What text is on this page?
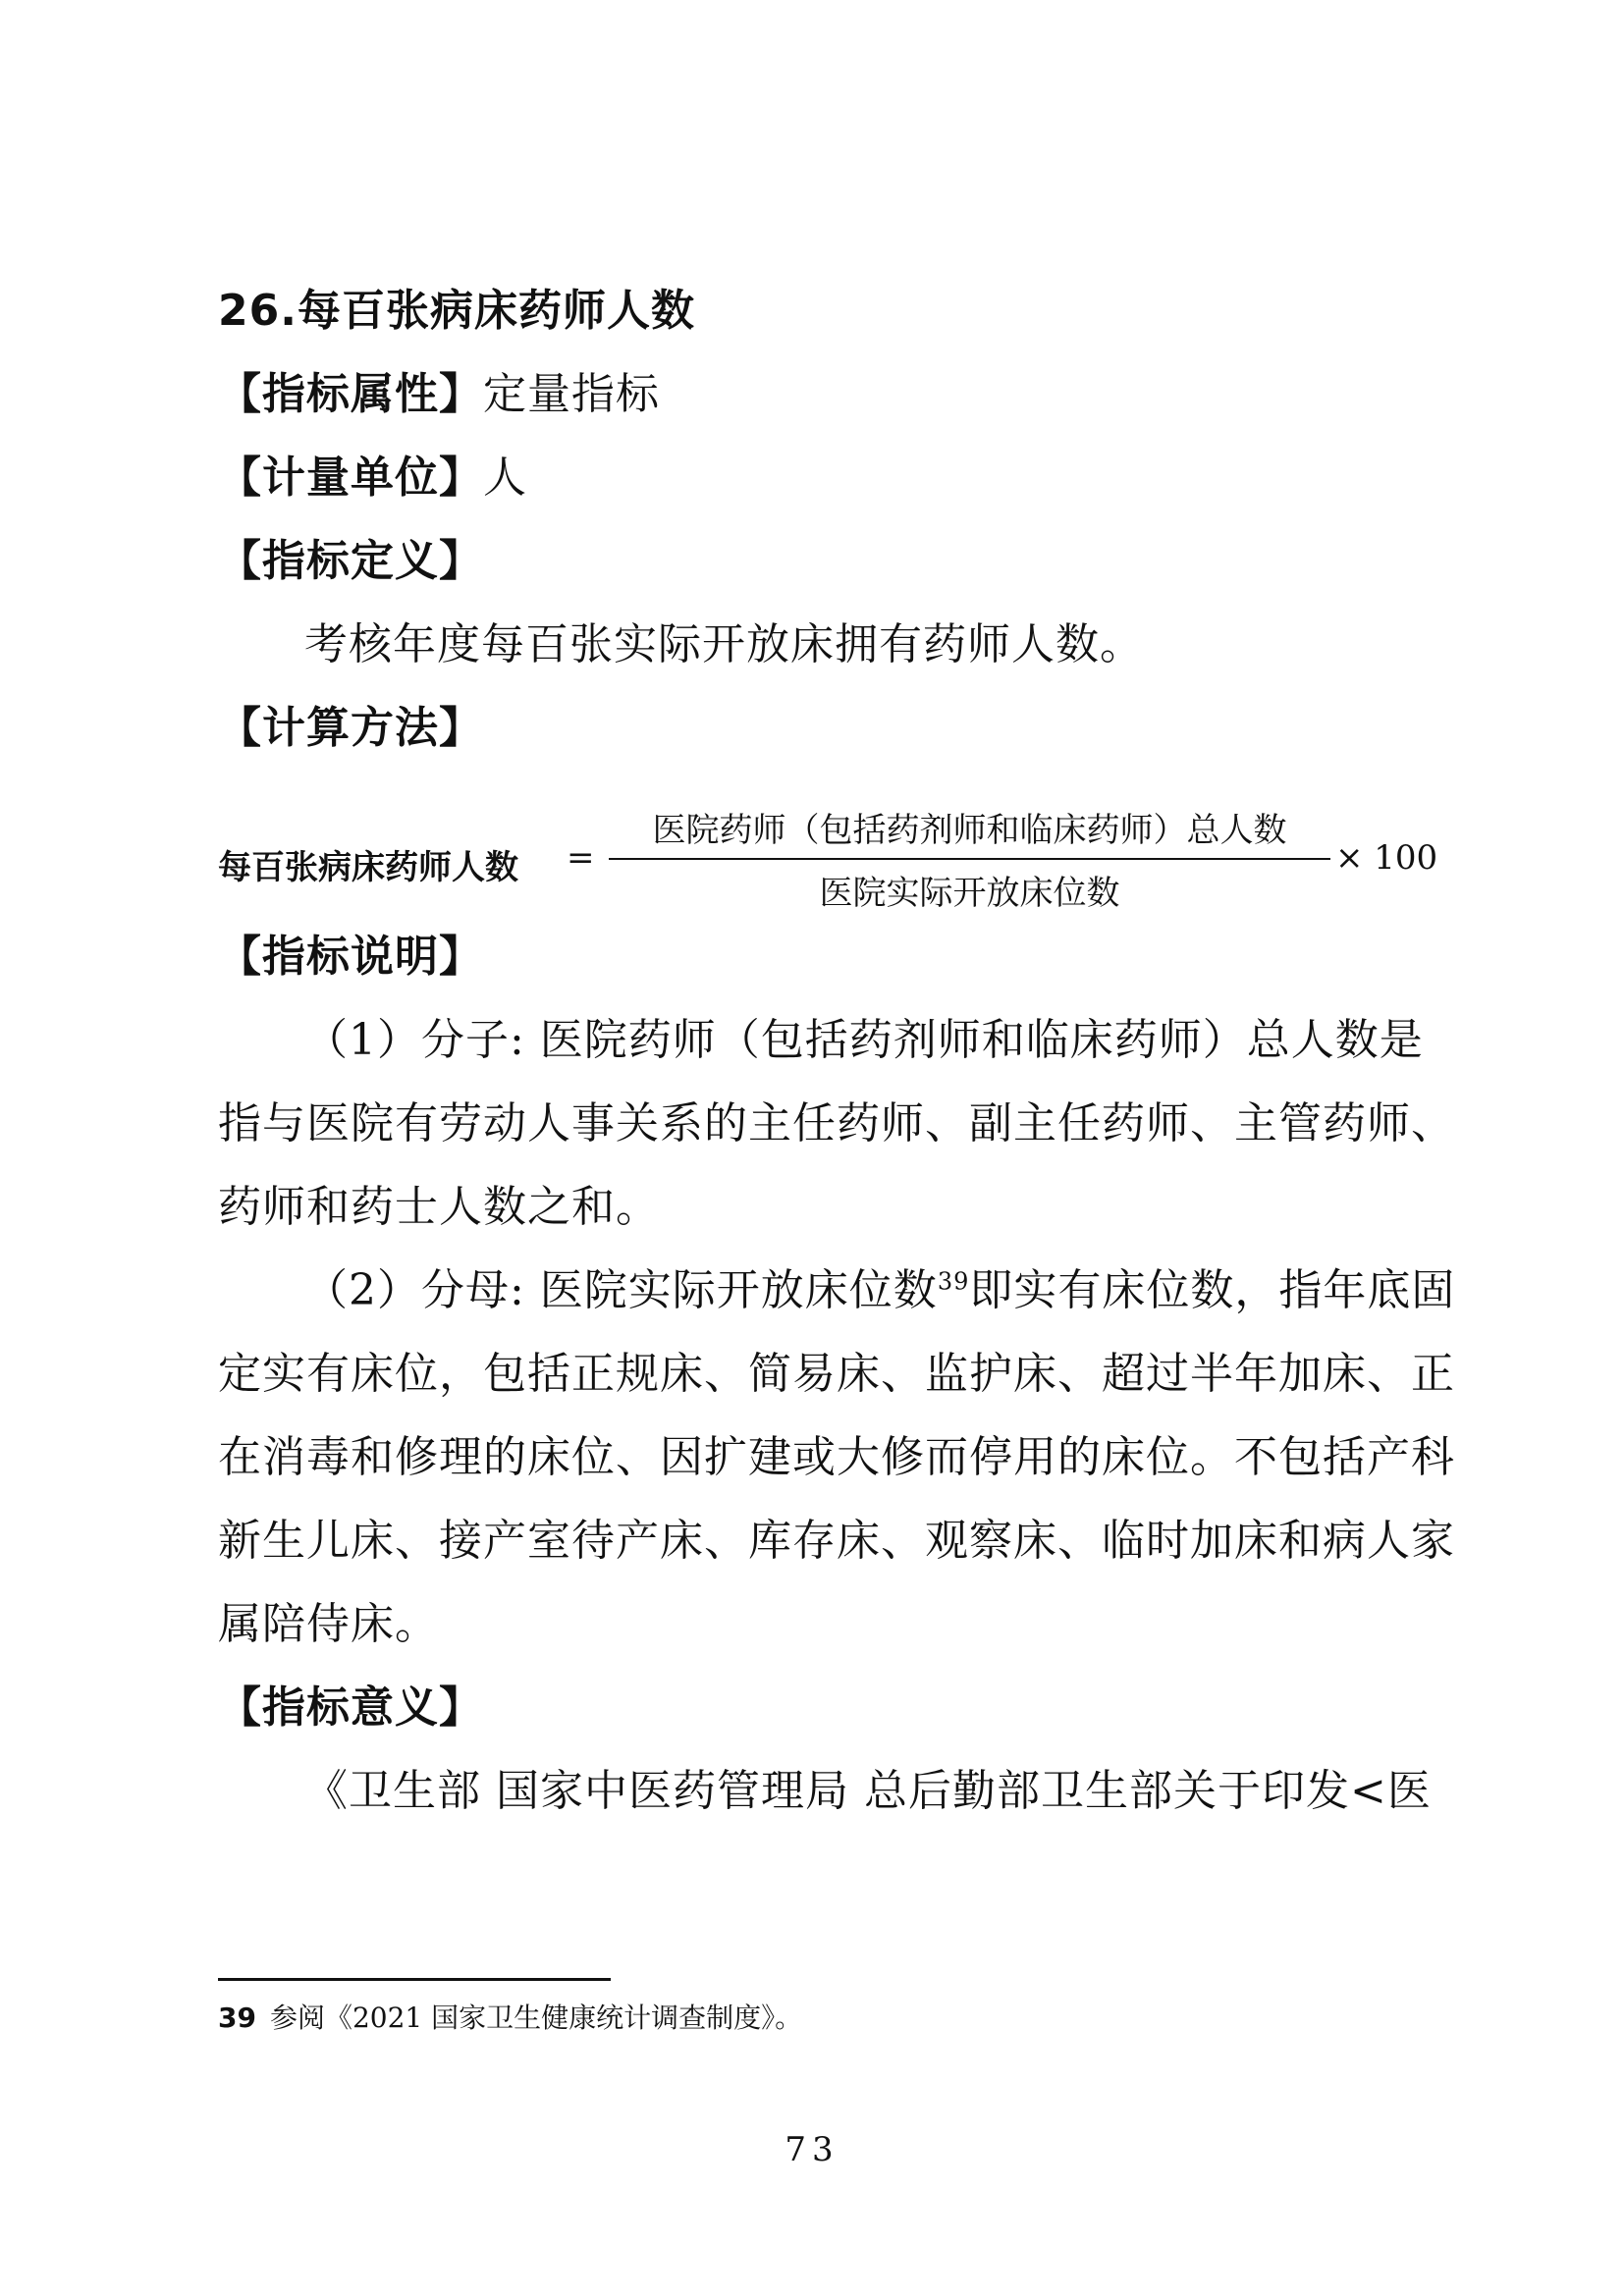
26.每百张病床药师人数
【指标属性】定量指标
【计量单位】人
【指标定义】
考核年度每百张实际开放床拥有药师人数。
【计算方法】
每百张病床药师人数 =
医院药师（包括药剂师和临床药师）总人数
医院实际开放床位数
× 100
【指标说明】
（1）分子: 医院药师（包括药剂师和临床药师）总人数是
指与医院有劳动人事关系的主任药师、副主任药师、主管药师、
药师和药士人数之和。
（2）分母: 医院实际开放床位数$^{39}$即实有床位数，指年底固
定实有床位，包括正规床、简易床、监护床、超过半年加床、正
在消毒和修理的床位、因扩建或大修而停用的床位。不包括产科
新生儿床、接产室待产床、库存床、观察床、临时加床和病人家
属陪侍床。
【指标意义】
《卫生部 国家中医药管理局 总后勤部卫生部关于印发<医
39 参阅《2021 国家卫生健康统计调查制度》。
73
